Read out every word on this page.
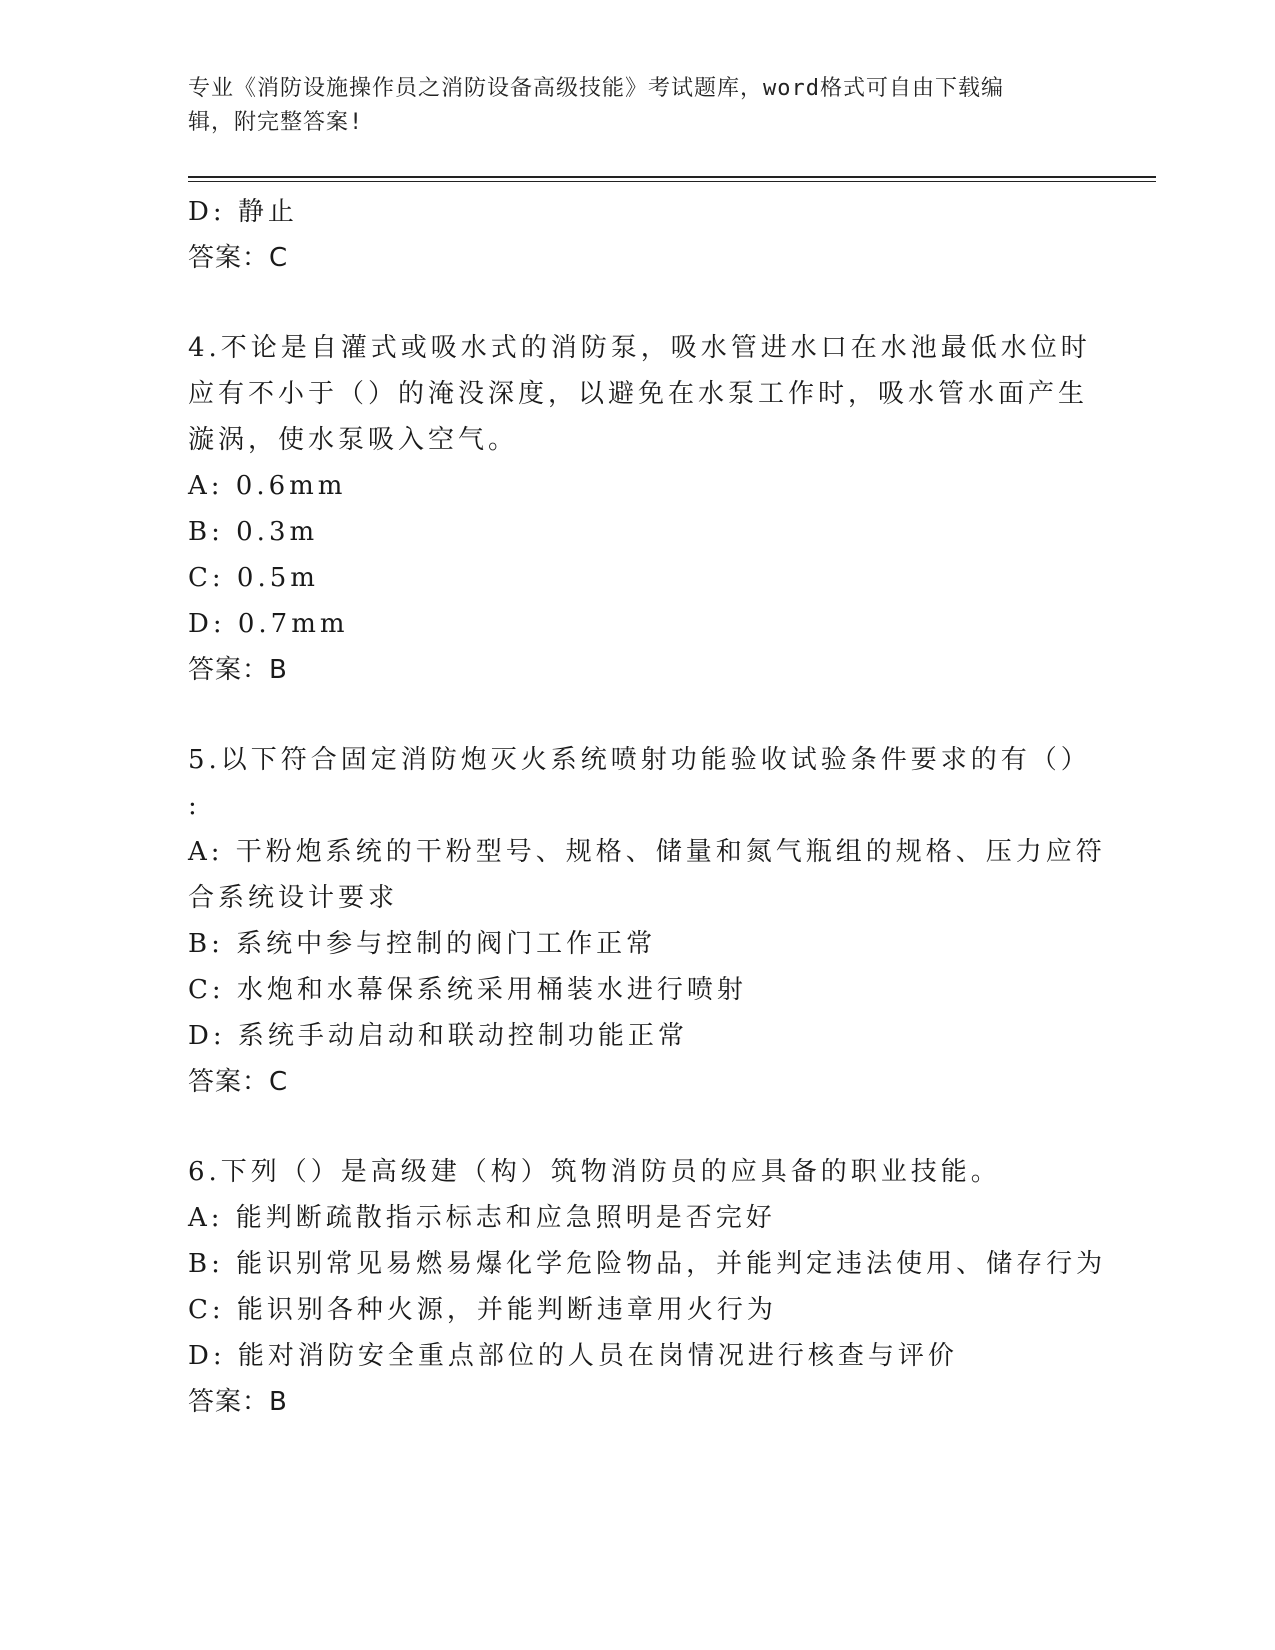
专业《消防设施操作员之消防设备高级技能》考试题库，word格式可自由下载编
辑，附完整答案!
D: 静止
答案：C
4.不论是自灌式或吸水式的消防泵，吸水管进水口在水池最低水位时
应有不小于（）的淹没深度，以避免在水泵工作时，吸水管水面产生
漩涡，使水泵吸入空气。
A: 0.6mm
B: 0.3m
C: 0.5m
D: 0.7mm
答案：B
5.以下符合固定消防炮灭火系统喷射功能验收试验条件要求的有（）
:
A: 干粉炮系统的干粉型号、规格、储量和氮气瓶组的规格、压力应符
合系统设计要求
B: 系统中参与控制的阀门工作正常
C: 水炮和水幕保系统采用桶装水进行喷射
D: 系统手动启动和联动控制功能正常
答案：C
6.下列（）是高级建（构）筑物消防员的应具备的职业技能。
A: 能判断疏散指示标志和应急照明是否完好
B: 能识别常见易燃易爆化学危险物品，并能判定违法使用、储存行为
C: 能识别各种火源，并能判断违章用火行为
D: 能对消防安全重点部位的人员在岗情况进行核查与评价
答案：B
